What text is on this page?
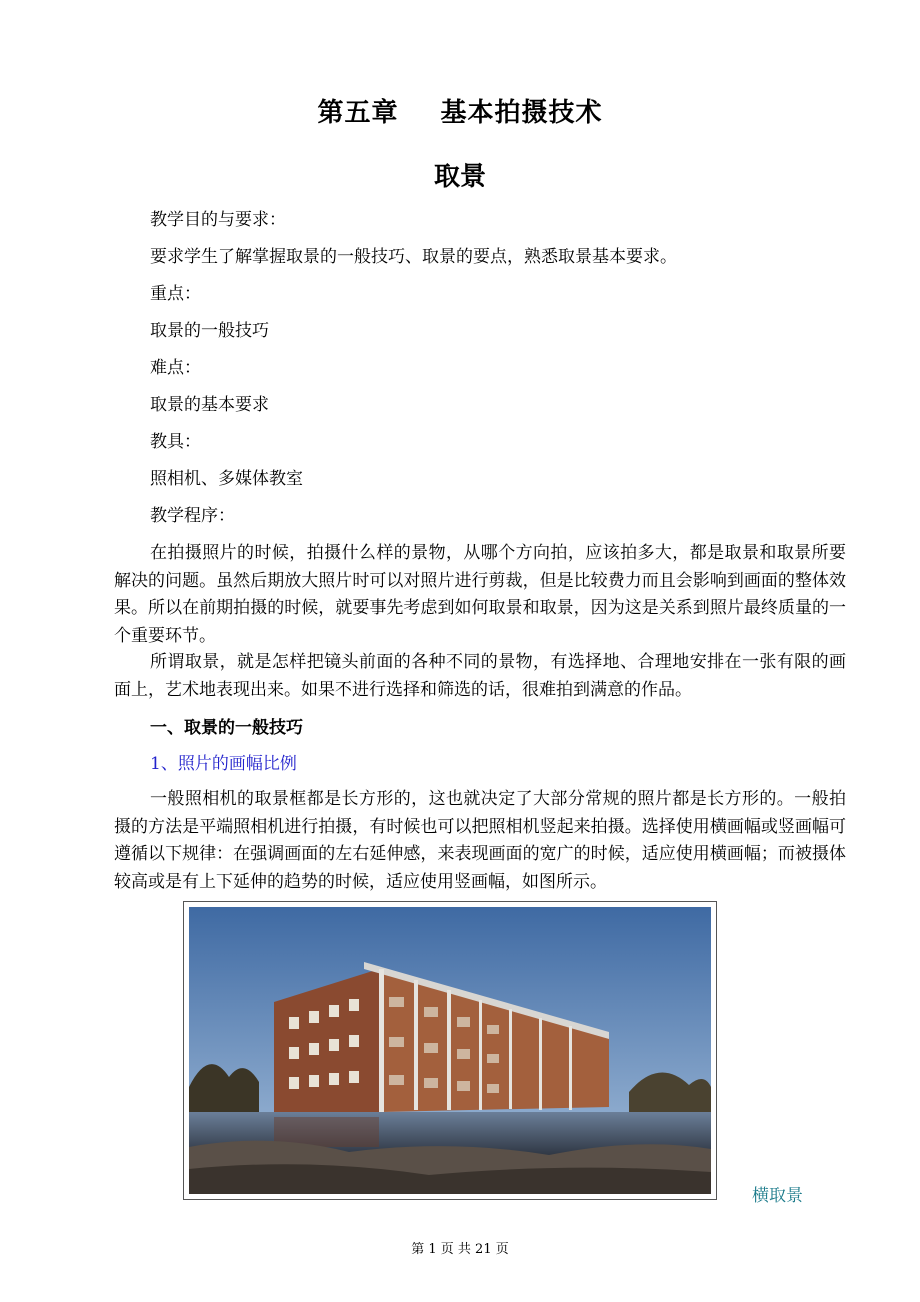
第五章 基本拍摄技术
取景
教学目的与要求：
要求学生了解掌握取景的一般技巧、取景的要点，熟悉取景基本要求。
重点：
取景的一般技巧
难点：
取景的基本要求
教具：
照相机、多媒体教室
教学程序：
在拍摄照片的时候，拍摄什么样的景物，从哪个方向拍，应该拍多大，都是取景和取景所要解决的问题。虽然后期放大照片时可以对照片进行剪裁，但是比较费力而且会影响到画面的整体效果。所以在前期拍摄的时候，就要事先考虑到如何取景和取景，因为这是关系到照片最终质量的一个重要环节。
所谓取景，就是怎样把镜头前面的各种不同的景物，有选择地、合理地安排在一张有限的画面上，艺术地表现出来。如果不进行选择和筛选的话，很难拍到满意的作品。
一、取景的一般技巧
1、照片的画幅比例
一般照相机的取景框都是长方形的，这也就决定了大部分常规的照片都是长方形的。一般拍摄的方法是平端照相机进行拍摄，有时候也可以把照相机竖起来拍摄。选择使用横画幅或竖画幅可遵循以下规律：在强调画面的左右延伸感，来表现画面的宽广的时候，适应使用横画幅；而被摄体较高或是有上下延伸的趋势的时候，适应使用竖画幅，如图所示。
横取景
第 1 页 共 21 页
